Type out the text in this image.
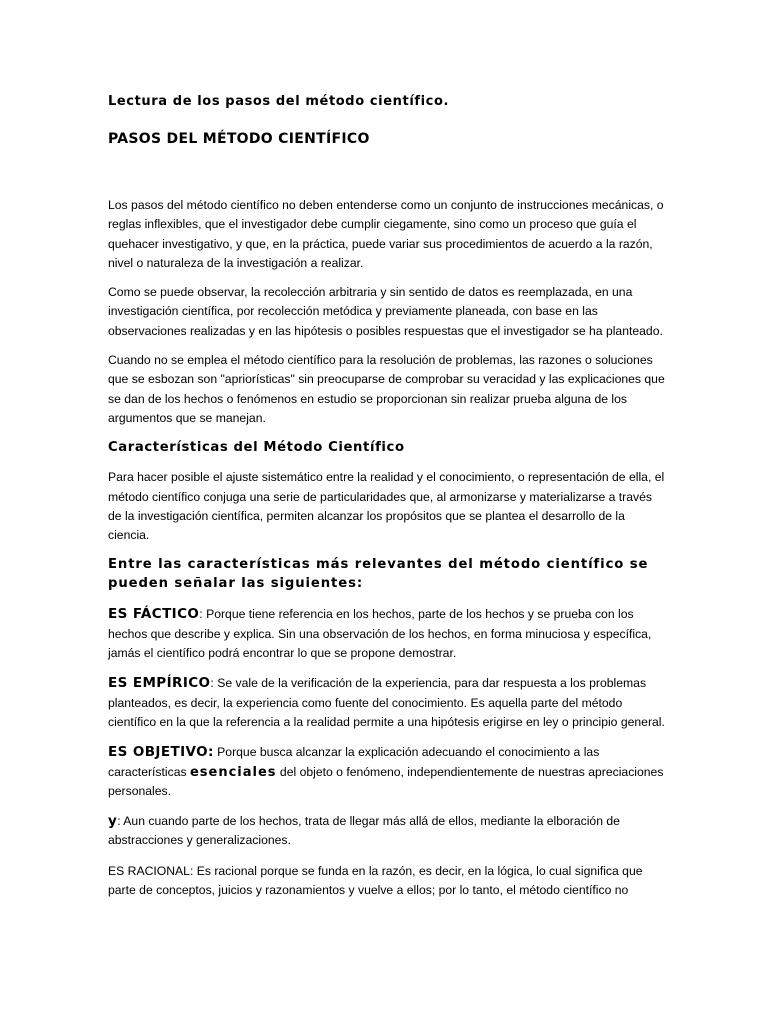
Lectura de los pasos del método científico.
PASOS DEL MÉTODO CIENTÍFICO

Los pasos del método científico no deben entenderse como un conjunto de instrucciones mecánicas, o reglas inflexibles, que el investigador debe cumplir ciegamente, sino como un proceso que guía el quehacer investigativo, y que, en la práctica, puede variar sus procedimientos de acuerdo a la razón, nivel o naturaleza de la investigación a realizar.

Como se puede observar, la recolección arbitraria y sin sentido de datos es reemplazada, en una investigación científica, por recolección metódica y previamente planeada, con base en las observaciones realizadas y en las hipótesis o posibles respuestas que el investigador se ha planteado.

Cuando no se emplea el método científico para la resolución de problemas, las razones o soluciones que se esbozan son "apriorísticas" sin preocuparse de comprobar su veracidad y las explicaciones que se dan de los hechos o fenómenos en estudio se proporcionan sin realizar prueba alguna de los argumentos que se manejan.

Características del Método Científico

Para hacer posible el ajuste sistemático entre la realidad y el conocimiento, o representación de ella, el método científico conjuga una serie de particularidades que, al armonizarse y materializarse a través de la investigación científica, permiten alcanzar los propósitos que se plantea el desarrollo de la ciencia.

Entre las características más relevantes del método científico se pueden señalar las siguientes:

ES FÁCTICO: Porque tiene referencia en los hechos, parte de los hechos y se prueba con los hechos que describe y explica. Sin una observación de los hechos, en forma minuciosa y específica, jamás el científico podrá encontrar lo que se propone demostrar.

ES EMPÍRICO: Se vale de la verificación de la experiencia, para dar respuesta a los problemas planteados, es decir, la experiencia como fuente del conocimiento. Es aquella parte del método científico en la que la referencia a la realidad permite a una hipótesis erigirse en ley o principio general.

ES OBJETIVO: Porque busca alcanzar la explicación adecuando el conocimiento a las características esenciales del objeto o fenómeno, independientemente de nuestras apreciaciones personales.

y: Aun cuando parte de los hechos, trata de llegar más allá de ellos, mediante la elboración de abstracciones y generalizaciones.

ES RACIONAL: Es racional porque se funda en la razón, es decir, en la lógica, lo cual significa que parte de conceptos, juicios y razonamientos y vuelve a ellos; por lo tanto, el método científico no
